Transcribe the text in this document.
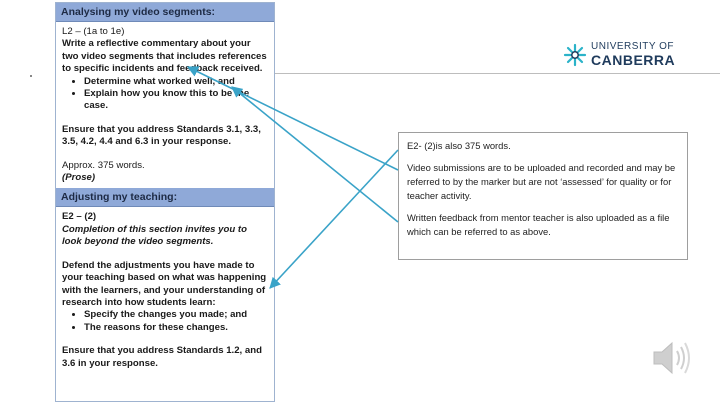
Analysing my video segments:
L2 – (1a to 1e)
Write a reflective commentary about your two video segments that includes references to specific incidents and feedback received.
• Determine what worked well, and
• Explain how you know this to be the case.
Ensure that you address Standards 3.1, 3.3, 3.5, 4.2, 4.4 and 6.3 in your response.
Approx. 375 words.
(Prose)
Adjusting my teaching:
E2 – (2)
Completion of this section invites you to look beyond the video segments.
Defend the adjustments you have made to your teaching based on what was happening with the learners, and your understanding of research into how students learn:
• Specify the changes you made; and
• The reasons for these changes.
Ensure that you address Standards 1.2, and 3.6 in your response.
UNIVERSITY OF
CANBERRA

E2- (2)is also 375 words.

Video submissions are to be uploaded and recorded and may be referred to by the marker but are not ‘assessed’ for quality or for teacher activity.

Written feedback from mentor teacher is also uploaded as a file which can be referred to as above.
